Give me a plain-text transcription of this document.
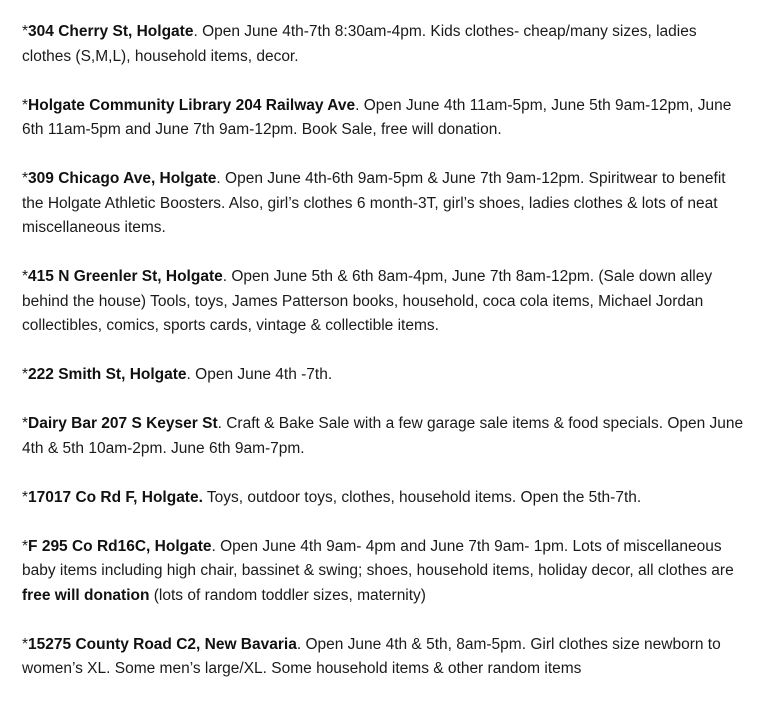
*304 Cherry St, Holgate. Open June 4th-7th 8:30am-4pm. Kids clothes- cheap/many sizes, ladies clothes (S,M,L), household items, decor.

*Holgate Community Library 204 Railway Ave. Open June 4th 11am-5pm, June 5th 9am-12pm, June 6th 11am-5pm and June 7th 9am-12pm. Book Sale, free will donation.

*309 Chicago Ave, Holgate. Open June 4th-6th 9am-5pm & June 7th 9am-12pm. Spiritwear to benefit the Holgate Athletic Boosters. Also, girl’s clothes 6 month-3T, girl’s shoes, ladies clothes & lots of neat miscellaneous items.

*415 N Greenler St, Holgate. Open June 5th & 6th 8am-4pm, June 7th 8am-12pm. (Sale down alley behind the house) Tools, toys, James Patterson books, household, coca cola items, Michael Jordan collectibles, comics, sports cards, vintage & collectible items.

*222 Smith St, Holgate. Open June 4th -7th.

*Dairy Bar 207 S Keyser St. Craft & Bake Sale with a few garage sale items & food specials. Open June 4th & 5th 10am-2pm. June 6th 9am-7pm.

*17017 Co Rd F, Holgate. Toys, outdoor toys, clothes, household items. Open the 5th-7th.

*F 295 Co Rd16C, Holgate. Open June 4th 9am- 4pm and June 7th 9am- 1pm. Lots of miscellaneous baby items including high chair, bassinet & swing; shoes, household items, holiday decor, all clothes are free will donation (lots of random toddler sizes, maternity)

*15275 County Road C2, New Bavaria. Open June 4th & 5th, 8am-5pm. Girl clothes size newborn to women’s XL. Some men’s large/XL. Some household items & other random items
